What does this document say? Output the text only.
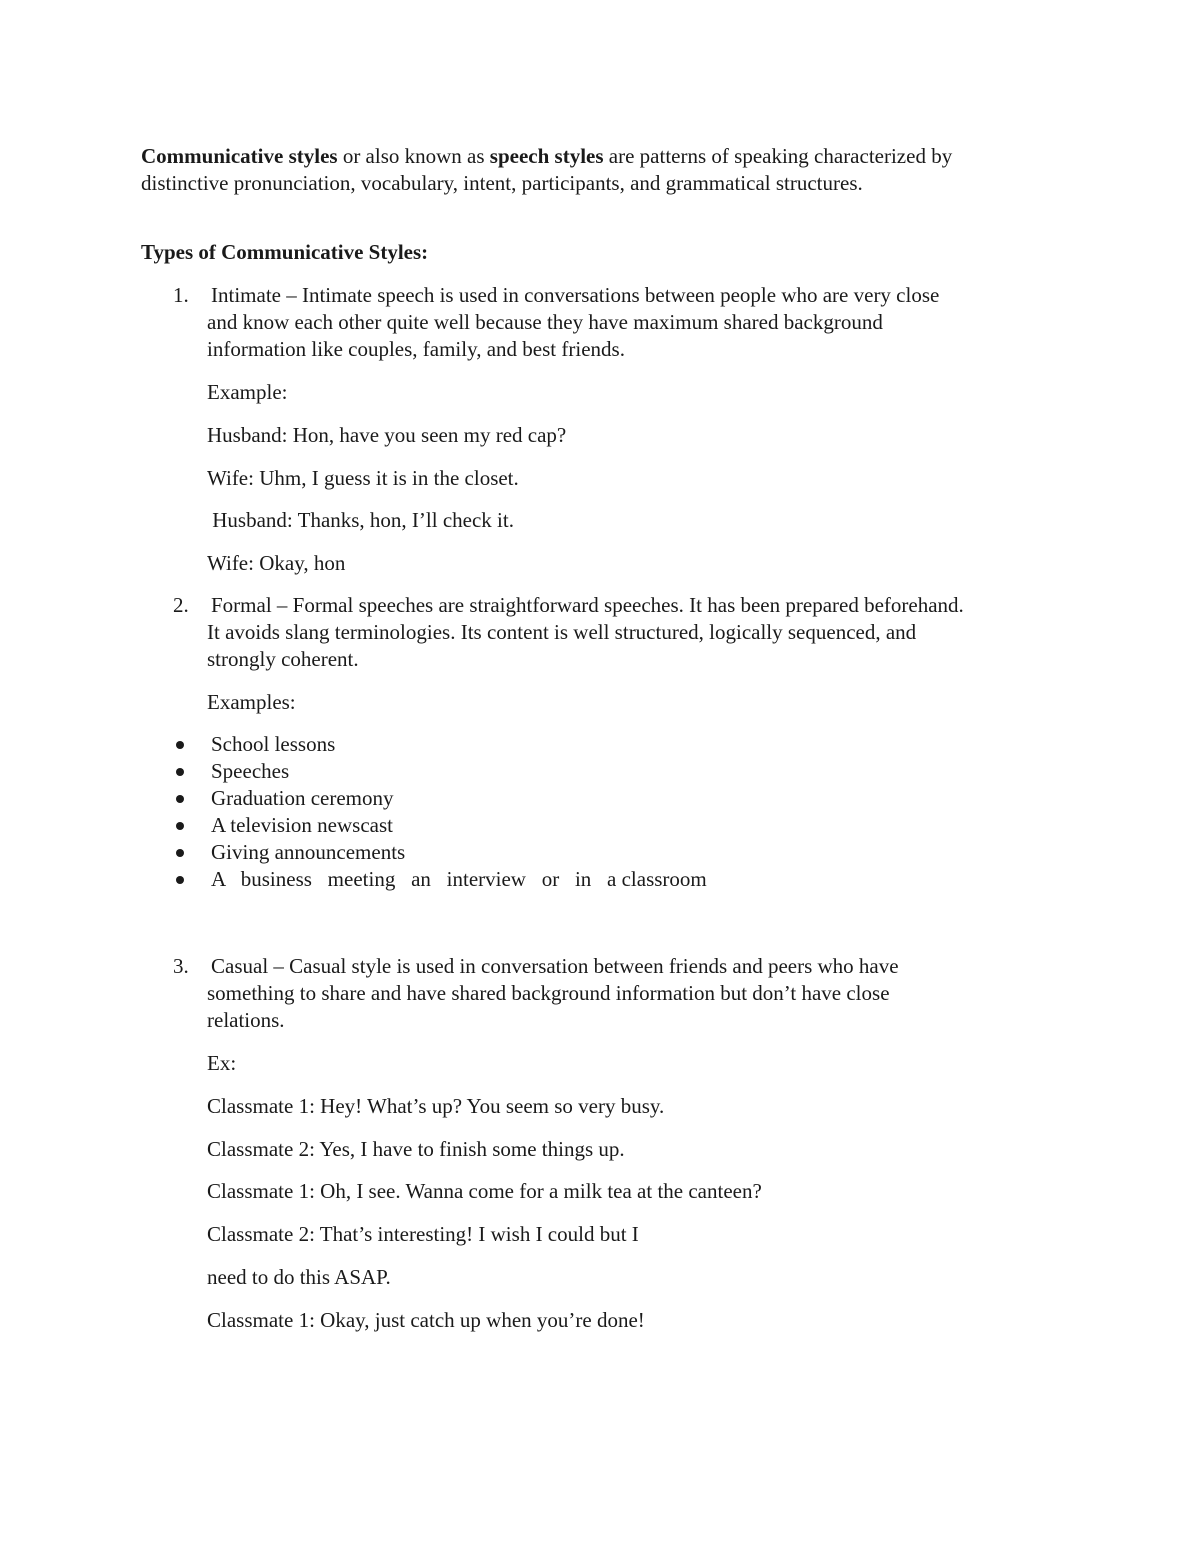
Communicative styles or also known as speech styles are patterns of speaking characterized by
distinctive pronunciation, vocabulary, intent, participants, and grammatical structures.
Types of Communicative Styles:
1. Intimate – Intimate speech is used in conversations between people who are very close
and know each other quite well because they have maximum shared background
information like couples, family, and best friends.
Example:
Husband: Hon, have you seen my red cap?
Wife: Uhm, I guess it is in the closet.
Husband: Thanks, hon, I’ll check it.
Wife: Okay, hon
2. Formal – Formal speeches are straightforward speeches. It has been prepared beforehand.
It avoids slang terminologies. Its content is well structured, logically sequenced, and
strongly coherent.
Examples:
School lessons
Speeches
Graduation ceremony
A television newscast
Giving announcements
A   business   meeting   an   interview   or   in   a classroom
3. Casual – Casual style is used in conversation between friends and peers who have
something to share and have shared background information but don’t have close
relations.
Ex:
Classmate 1: Hey! What’s up? You seem so very busy.
Classmate 2: Yes, I have to finish some things up.
Classmate 1: Oh, I see. Wanna come for a milk tea at the canteen?
Classmate 2: That’s interesting! I wish I could but I
need to do this ASAP.
Classmate 1: Okay, just catch up when you’re done!
